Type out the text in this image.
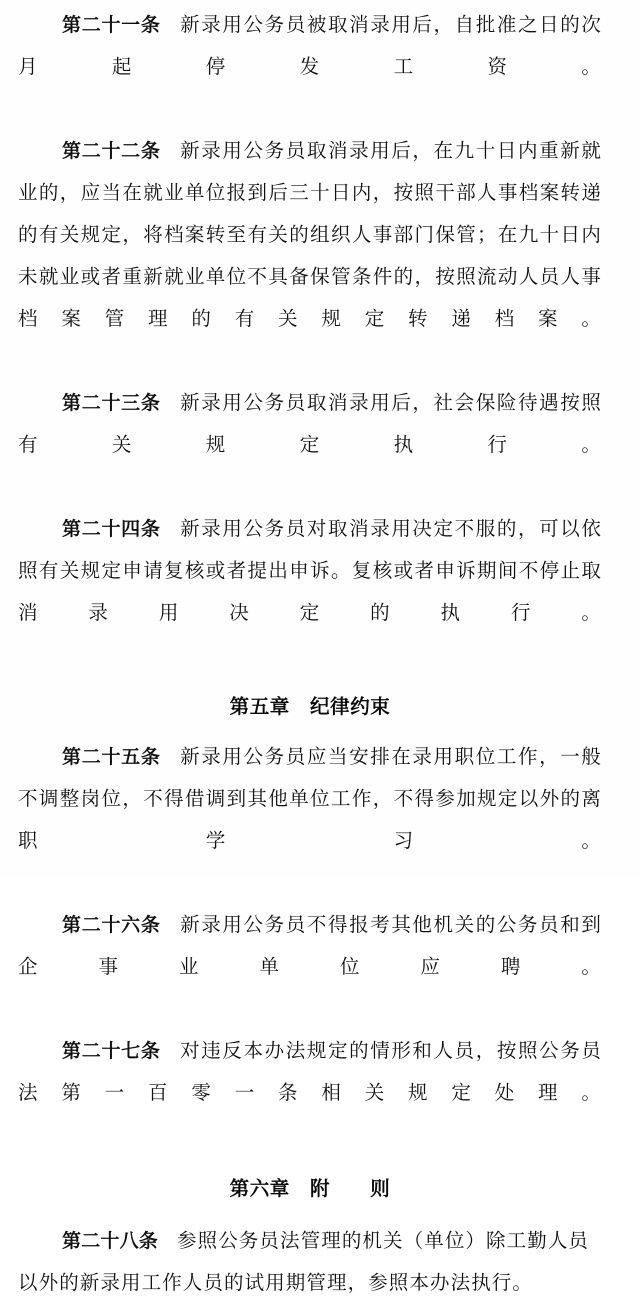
第二十一条 新录用公务员被取消录用后，自批准之日的次月起停发工资。

第二十二条 新录用公务员取消录用后，在九十日内重新就业的，应当在就业单位报到后三十日内，按照干部人事档案转递的有关规定，将档案转至有关的组织人事部门保管；在九十日内未就业或者重新就业单位不具备保管条件的，按照流动人员人事档案管理的有关规定转递档案。

第二十三条 新录用公务员取消录用后，社会保险待遇按照有关规定执行。

第二十四条 新录用公务员对取消录用决定不服的，可以依照有关规定申请复核或者提出申诉。复核或者申诉期间不停止取消录用决定的执行。

第五章　纪律约束

第二十五条 新录用公务员应当安排在录用职位工作，一般不调整岗位，不得借调到其他单位工作，不得参加规定以外的离职学习。

第二十六条 新录用公务员不得报考其他机关的公务员和到企事业单位应聘。

第二十七条 对违反本办法规定的情形和人员，按照公务员法第一百零一条相关规定处理。

第六章　附　　则

第二十八条 参照公务员法管理的机关（单位）除工勤人员以外的新录用工作人员的试用期管理，参照本办法执行。
